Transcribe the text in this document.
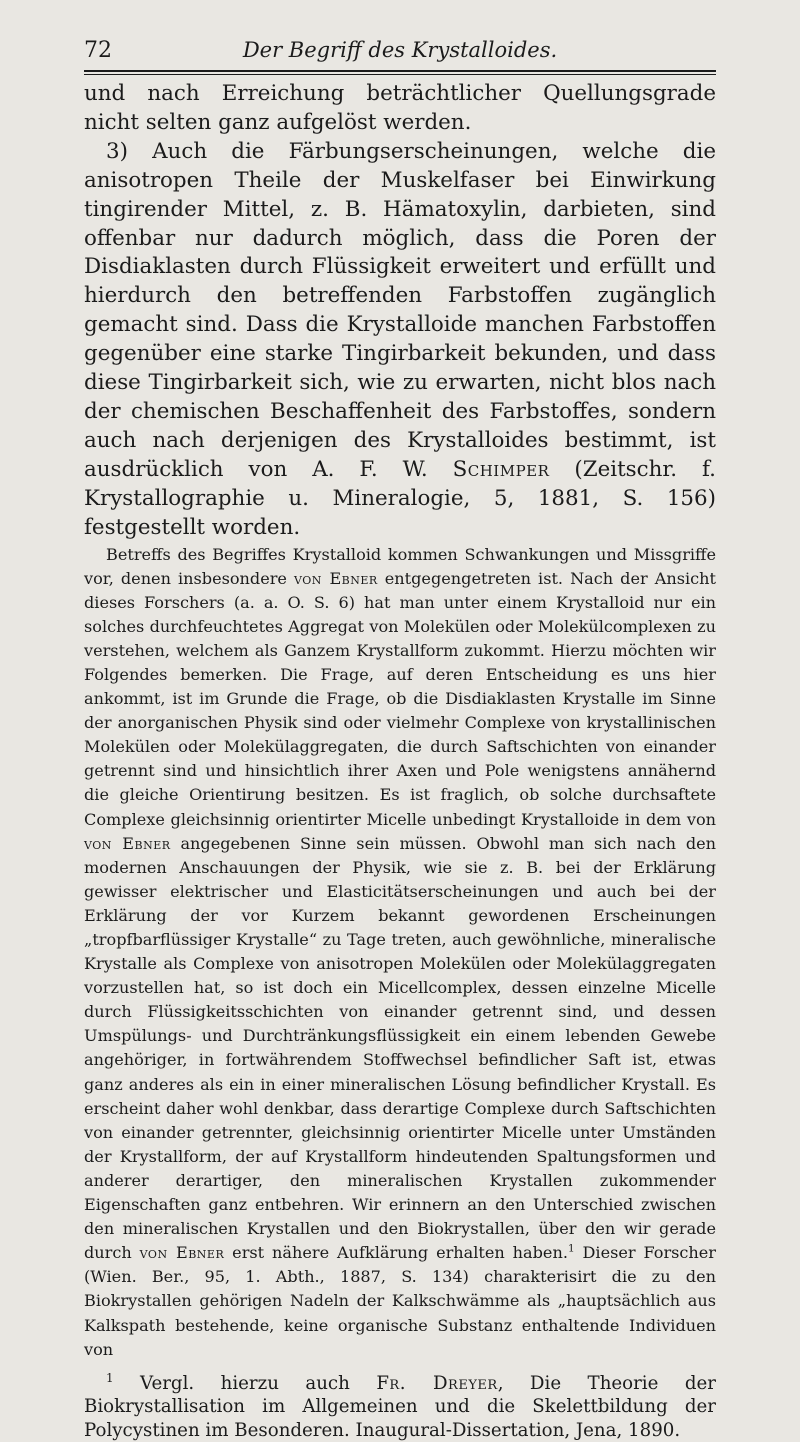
72	Der Begriff des Krystalloides.

und nach Erreichung beträchtlicher Quellungsgrade nicht selten ganz aufgelöst werden.

3) Auch die Färbungserscheinungen, welche die anisotropen Theile der Muskelfaser bei Einwirkung tingirender Mittel, z. B. Hämatoxylin, darbieten, sind offenbar nur dadurch möglich, dass die Poren der Disdiaklasten durch Flüssigkeit erweitert und erfüllt und hierdurch den betreffenden Farbstoffen zugänglich gemacht sind. Dass die Krystalloide manchen Farbstoffen gegenüber eine starke Tingirbarkeit bekunden, und dass diese Tingirbarkeit sich, wie zu erwarten, nicht blos nach der chemischen Beschaffenheit des Farbstoffes, sondern auch nach derjenigen des Krystalloides bestimmt, ist ausdrücklich von A. F. W. Schimper (Zeitschr. f. Krystallographie u. Mineralogie, 5, 1881, S. 156) festgestellt worden.

Betreffs des Begriffes Krystalloid kommen Schwankungen und Missgriffe vor, denen insbesondere von Ebner entgegengetreten ist. Nach der Ansicht dieses Forschers (a. a. O. S. 6) hat man unter einem Krystalloid nur ein solches durchfeuchtetes Aggregat von Molekülen oder Molekülcomplexen zu verstehen, welchem als Ganzem Krystallform zukommt. Hierzu möchten wir Folgendes bemerken. Die Frage, auf deren Entscheidung es uns hier ankommt, ist im Grunde die Frage, ob die Disdiaklasten Krystalle im Sinne der anorganischen Physik sind oder vielmehr Complexe von krystallinischen Molekülen oder Molekülaggregaten, die durch Saftschichten von einander getrennt sind und hinsichtlich ihrer Axen und Pole wenigstens annähernd die gleiche Orientirung besitzen. Es ist fraglich, ob solche durchsaftete Complexe gleichsinnig orientirter Micelle unbedingt Krystalloide in dem von von Ebner angegebenen Sinne sein müssen. Obwohl man sich nach den modernen Anschauungen der Physik, wie sie z. B. bei der Erklärung gewisser elektrischer und Elasticitätserscheinungen und auch bei der Erklärung der vor Kurzem bekannt gewordenen Erscheinungen „tropfbarflüssiger Krystalle“ zu Tage treten, auch gewöhnliche, mineralische Krystalle als Complexe von anisotropen Molekülen oder Molekülaggregaten vorzustellen hat, so ist doch ein Micellcomplex, dessen einzelne Micelle durch Flüssigkeitsschichten von einander getrennt sind, und dessen Umspülungs- und Durchtränkungsflüssigkeit ein einem lebenden Gewebe angehöriger, in fortwährendem Stoffwechsel befindlicher Saft ist, etwas ganz anderes als ein in einer mineralischen Lösung befindlicher Krystall. Es erscheint daher wohl denkbar, dass derartige Complexe durch Saftschichten von einander getrennter, gleichsinnig orientirter Micelle unter Umständen der Krystallform, der auf Krystallform hindeutenden Spaltungsformen und anderer derartiger, den mineralischen Krystallen zukommender Eigenschaften ganz entbehren. Wir erinnern an den Unterschied zwischen den mineralischen Krystallen und den Biokrystallen, über den wir gerade durch von Ebner erst nähere Aufklärung erhalten haben.$^1$ Dieser Forscher (Wien. Ber., 95, 1. Abth., 1887, S. 134) charakterisirt die zu den Biokrystallen gehörigen Nadeln der Kalkschwämme als „hauptsächlich aus Kalkspath bestehende, keine organische Substanz enthaltende Individuen von

$^1$ Vergl. hierzu auch Fr. Dreyer, Die Theorie der Biokrystallisation im Allgemeinen und die Skelettbildung der Polycystinen im Besonderen. Inaugural-Dissertation, Jena, 1890.
